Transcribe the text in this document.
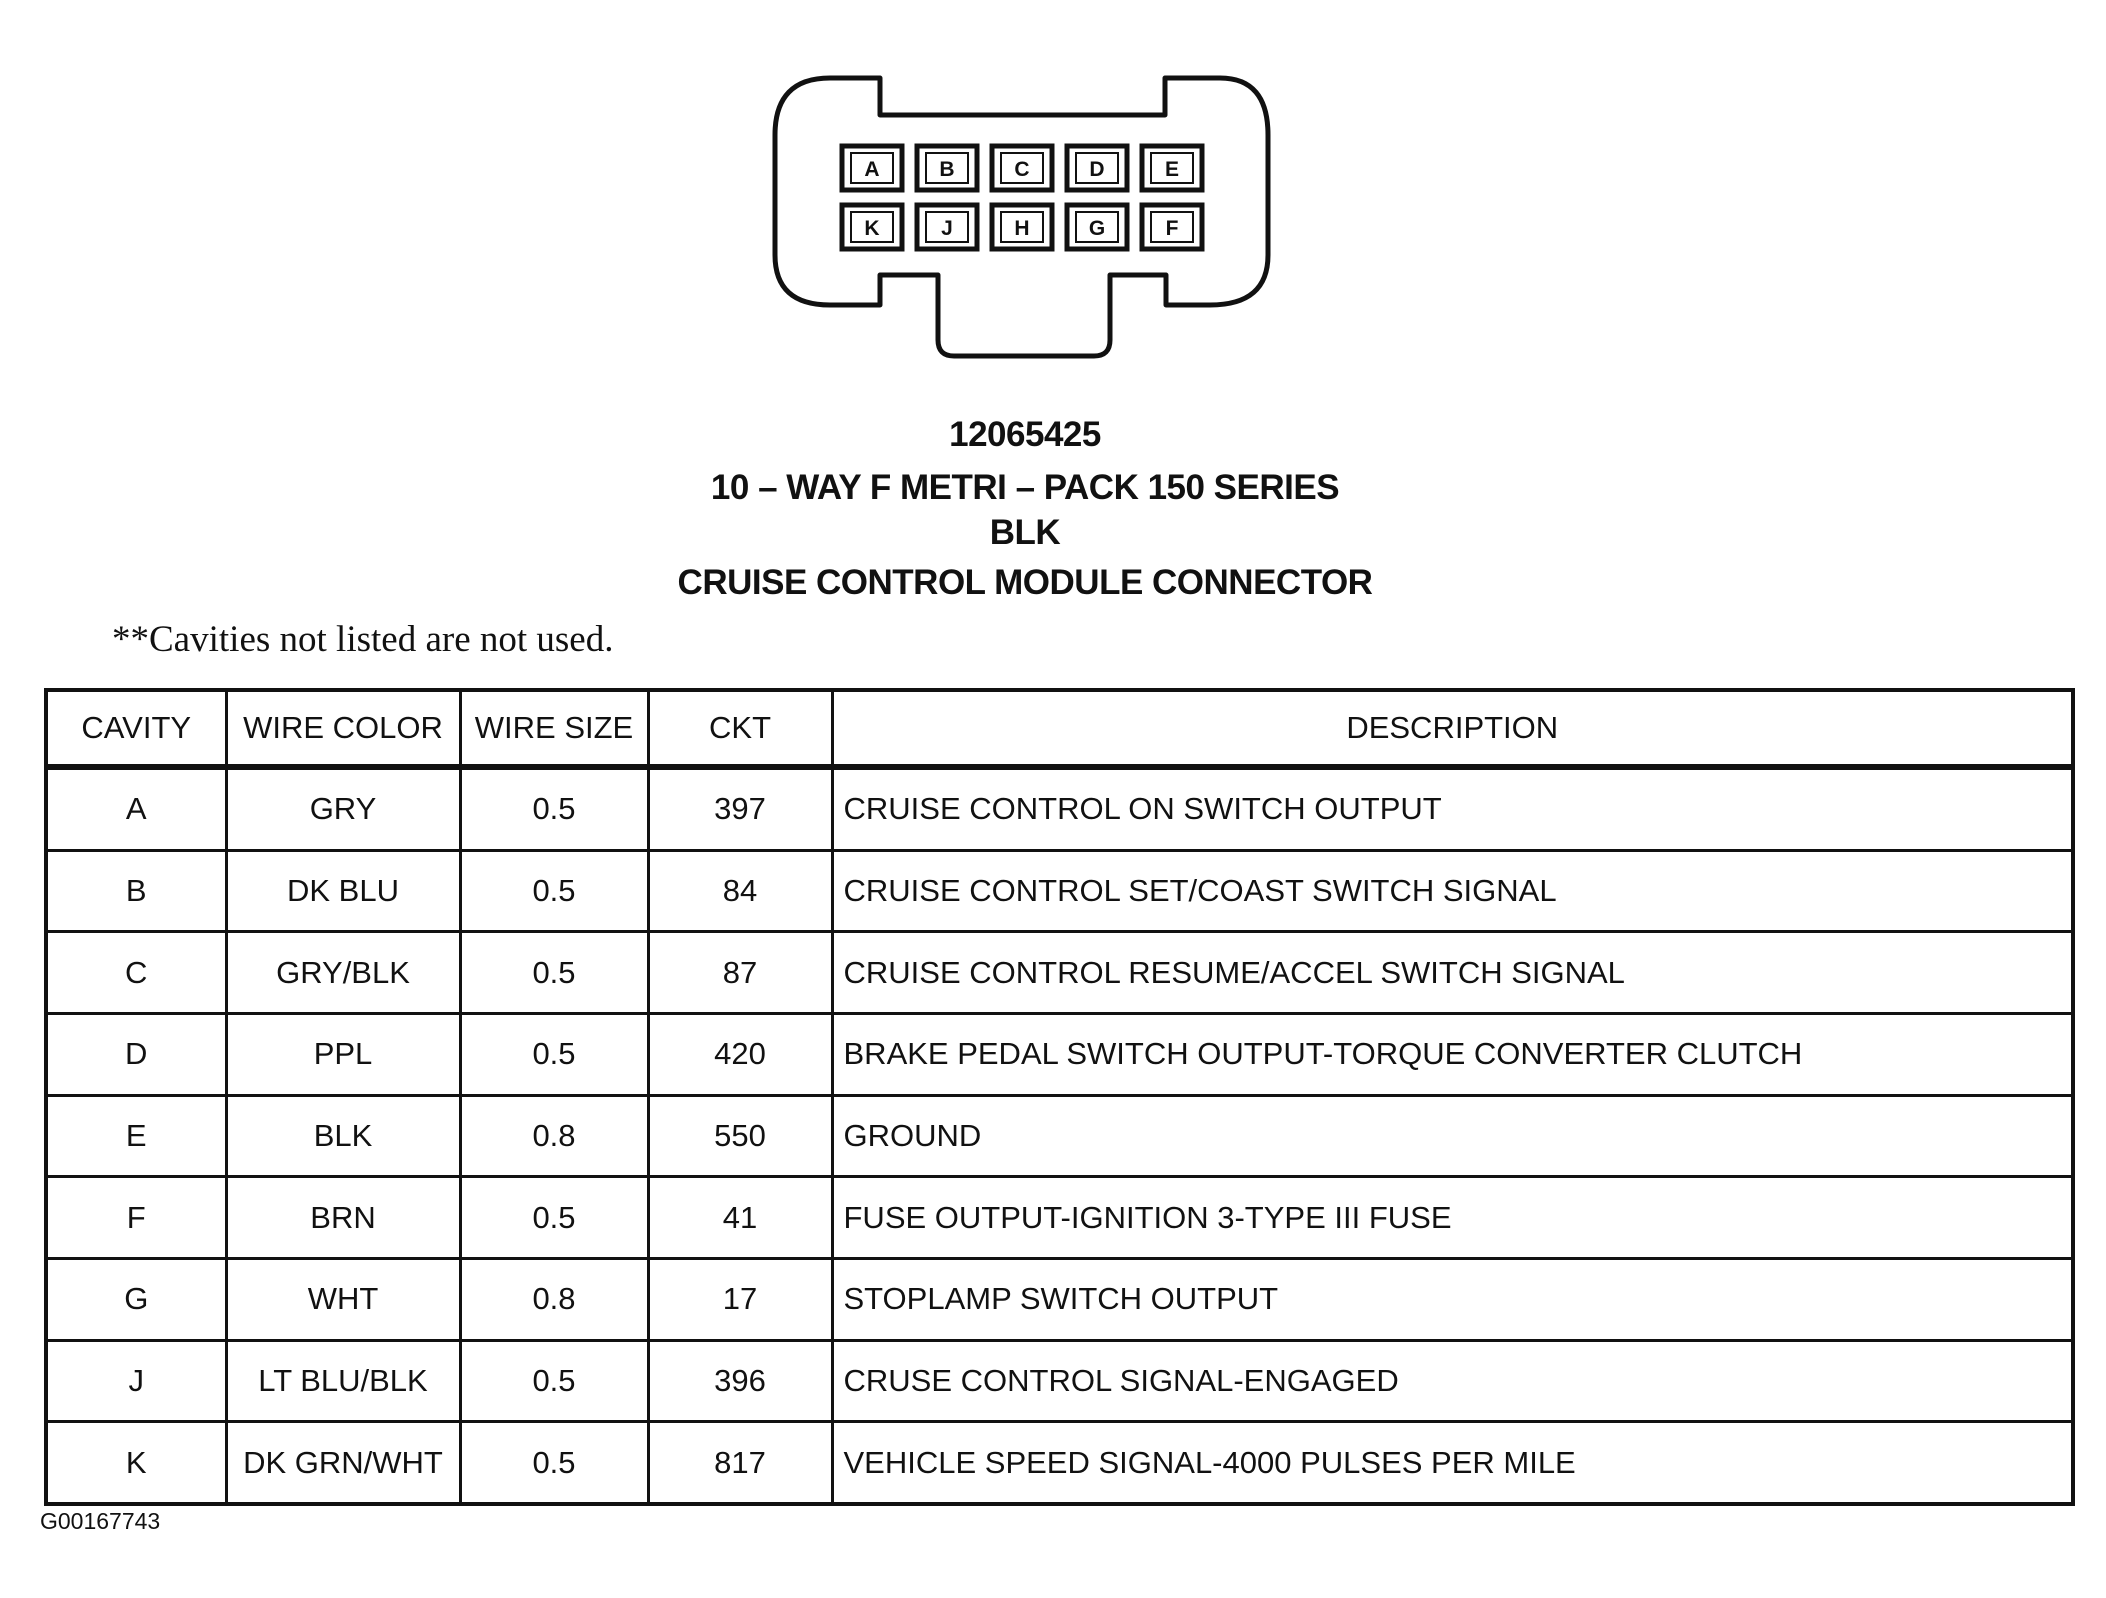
A	B	C	D	E
K	J	H	G	F
12065425
10 – WAY F METRI – PACK 150 SERIES
BLK
CRUISE CONTROL MODULE CONNECTOR
**Cavities not listed are not used.
CAVITY	WIRE COLOR	WIRE SIZE	CKT	DESCRIPTION
A	GRY	0.5	397	CRUISE CONTROL ON SWITCH OUTPUT
B	DK BLU	0.5	84	CRUISE CONTROL SET/COAST SWITCH SIGNAL
C	GRY/BLK	0.5	87	CRUISE CONTROL RESUME/ACCEL SWITCH SIGNAL
D	PPL	0.5	420	BRAKE PEDAL SWITCH OUTPUT-TORQUE CONVERTER CLUTCH
E	BLK	0.8	550	GROUND
F	BRN	0.5	41	FUSE OUTPUT-IGNITION 3-TYPE III FUSE
G	WHT	0.8	17	STOPLAMP SWITCH OUTPUT
J	LT BLU/BLK	0.5	396	CRUSE CONTROL SIGNAL-ENGAGED
K	DK GRN/WHT	0.5	817	VEHICLE SPEED SIGNAL-4000 PULSES PER MILE
G00167743
